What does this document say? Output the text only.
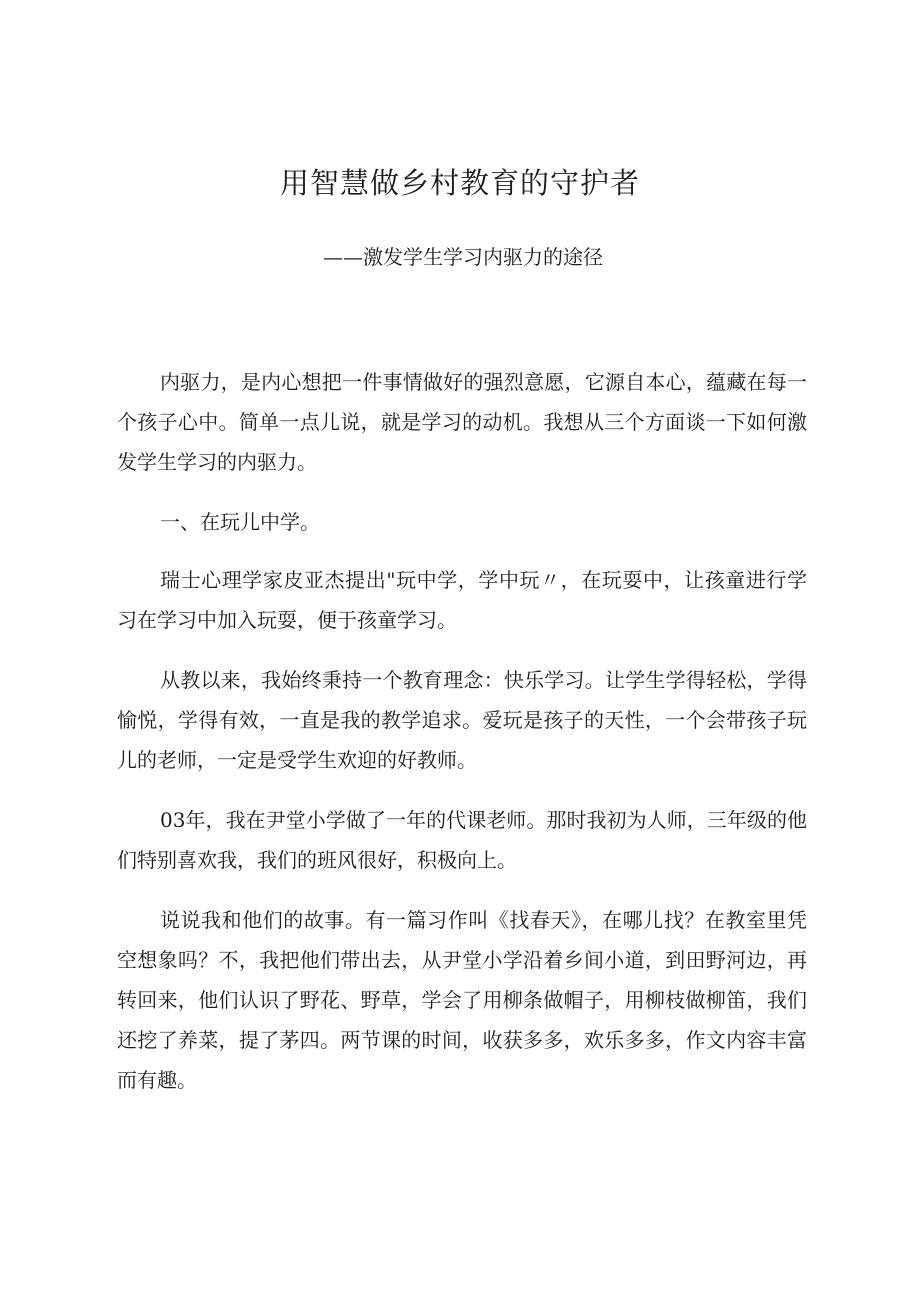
用智慧做乡村教育的守护者
——激发学生学习内驱力的途径

内驱力，是内心想把一件事情做好的强烈意愿，它源自本心，蕴藏在每一个孩子心中。简单一点儿说，就是学习的动机。我想从三个方面谈一下如何激发学生学习的内驱力。

一、在玩儿中学。

瑞士心理学家皮亚杰提出"玩中学，学中玩〃，在玩耍中，让孩童进行学习在学习中加入玩耍，便于孩童学习。

从教以来，我始终秉持一个教育理念：快乐学习。让学生学得轻松，学得愉悦，学得有效，一直是我的教学追求。爱玩是孩子的天性，一个会带孩子玩儿的老师，一定是受学生欢迎的好教师。

03年，我在尹堂小学做了一年的代课老师。那时我初为人师，三年级的他们特别喜欢我，我们的班风很好，积极向上。

说说我和他们的故事。有一篇习作叫《找春天》，在哪儿找？在教室里凭空想象吗？不，我把他们带出去，从尹堂小学沿着乡间小道，到田野河边，再转回来，他们认识了野花、野草，学会了用柳条做帽子，用柳枝做柳笛，我们还挖了养菜，提了茅四。两节课的时间，收获多多，欢乐多多，作文内容丰富而有趣。
